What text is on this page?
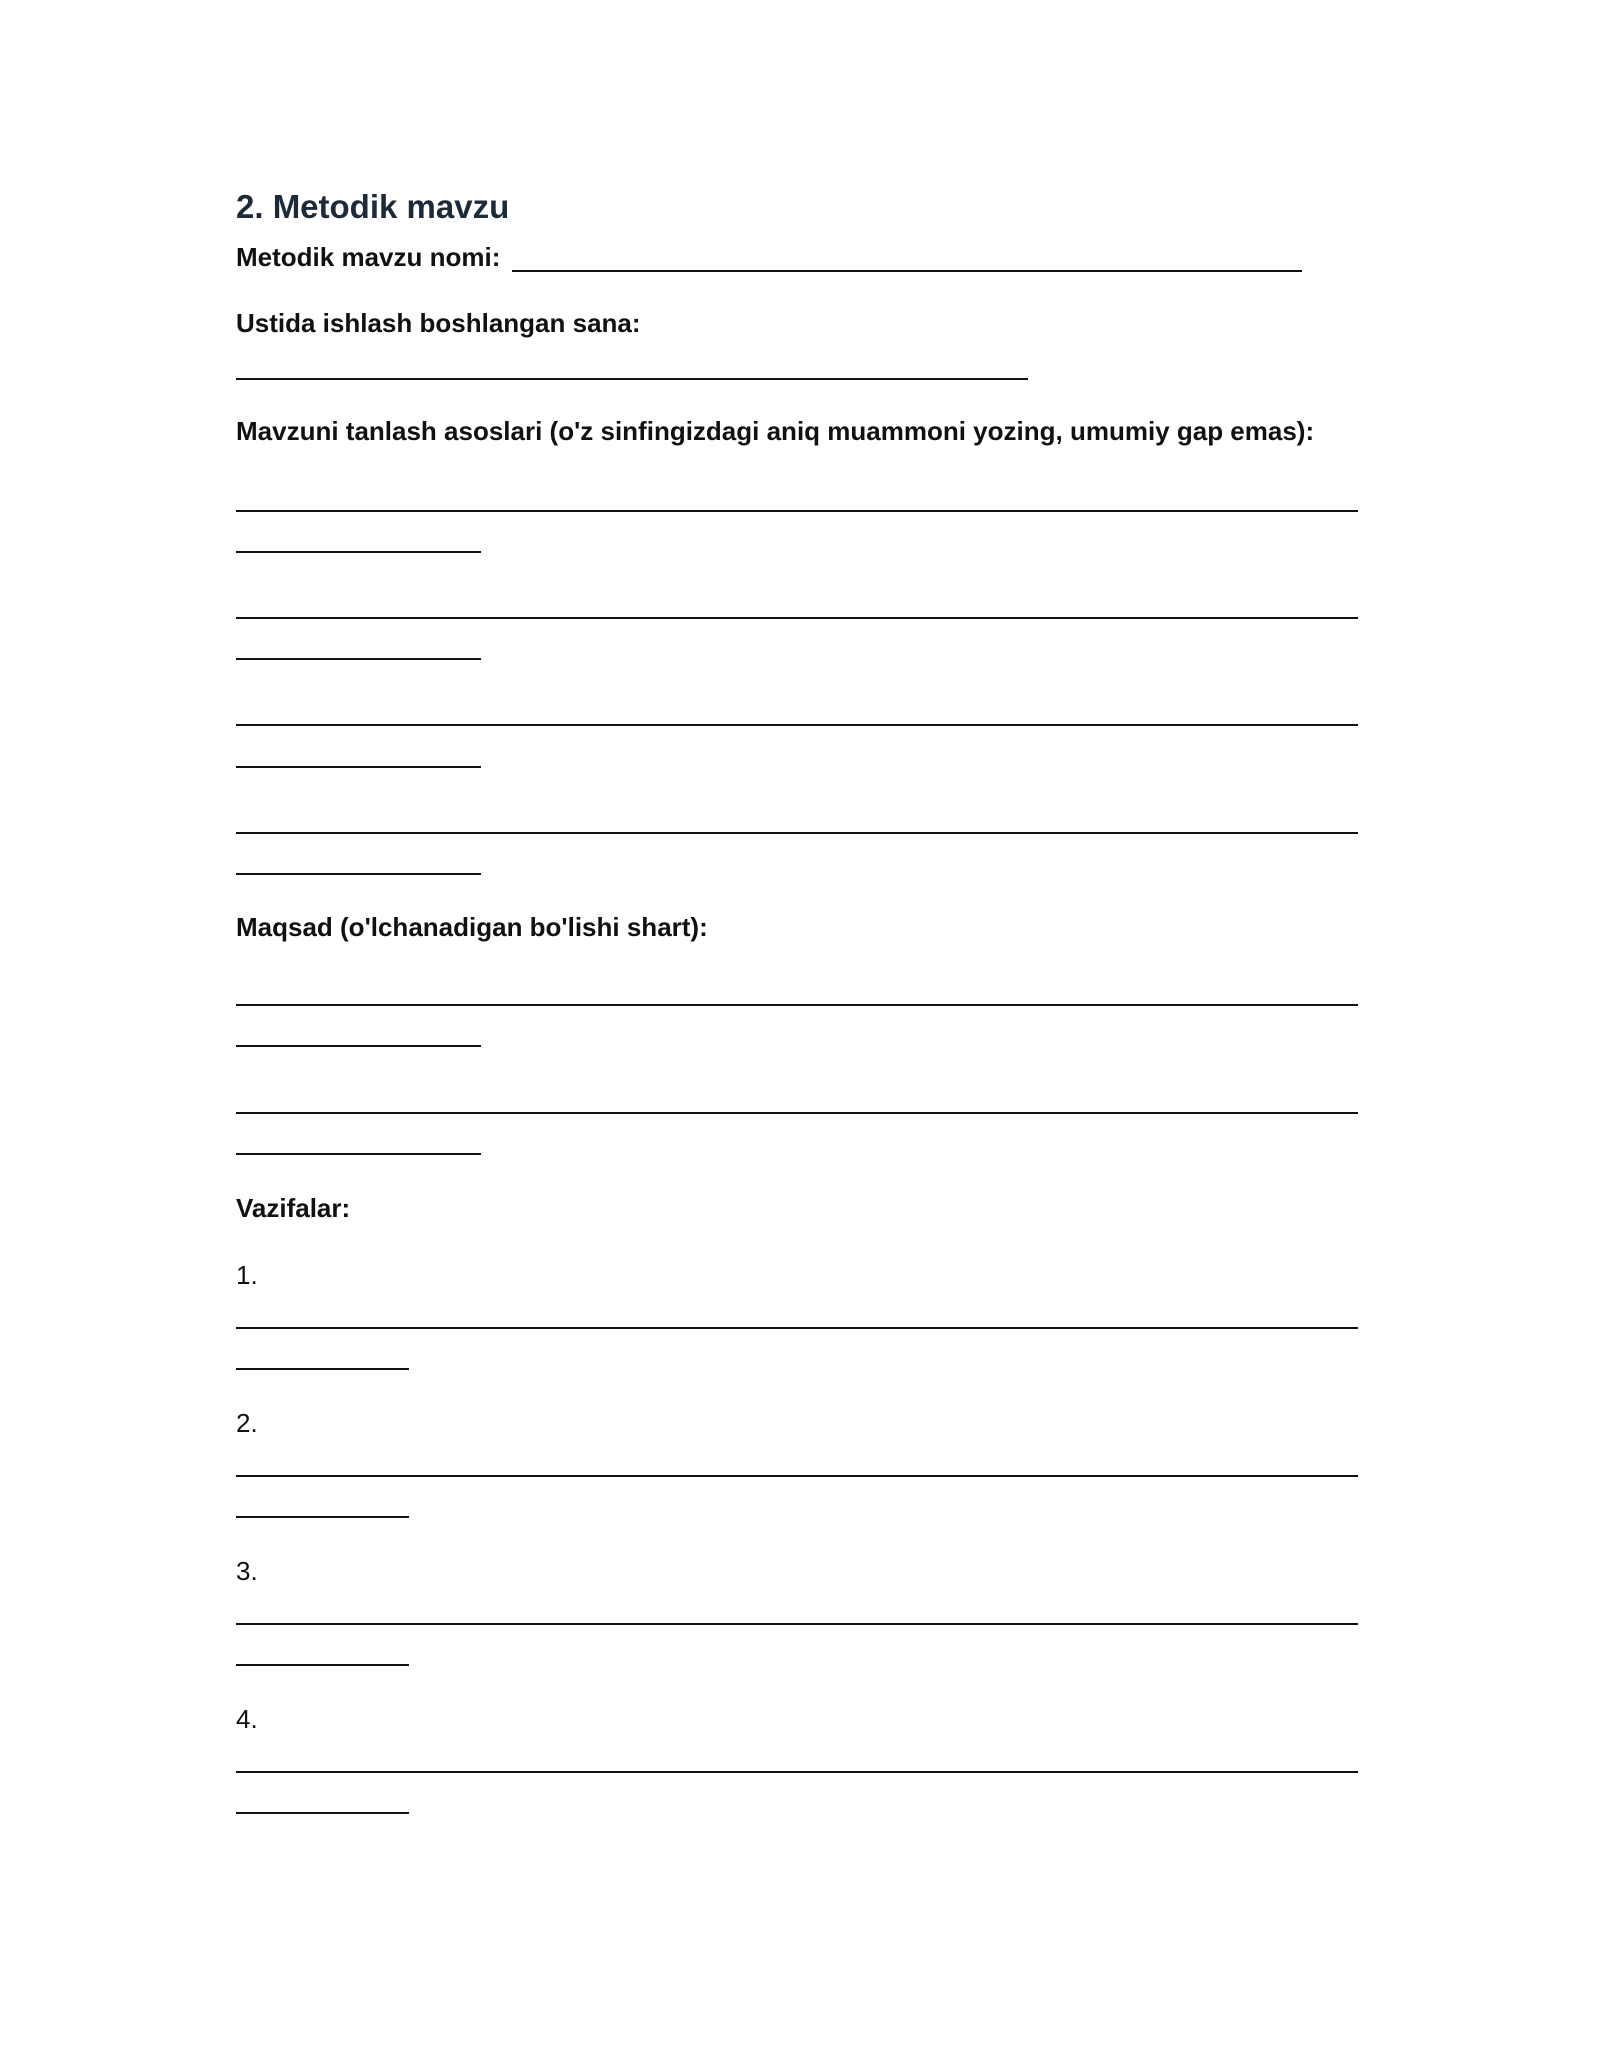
2. Metodik mavzu
Metodik mavzu nomi:
Ustida ishlash boshlangan sana:
Mavzuni tanlash asoslari (o'z sinfingizdagi aniq muammoni yozing, umumiy gap emas):
Maqsad (o'lchanadigan bo'lishi shart):
Vazifalar:
1.
2.
3.
4.
